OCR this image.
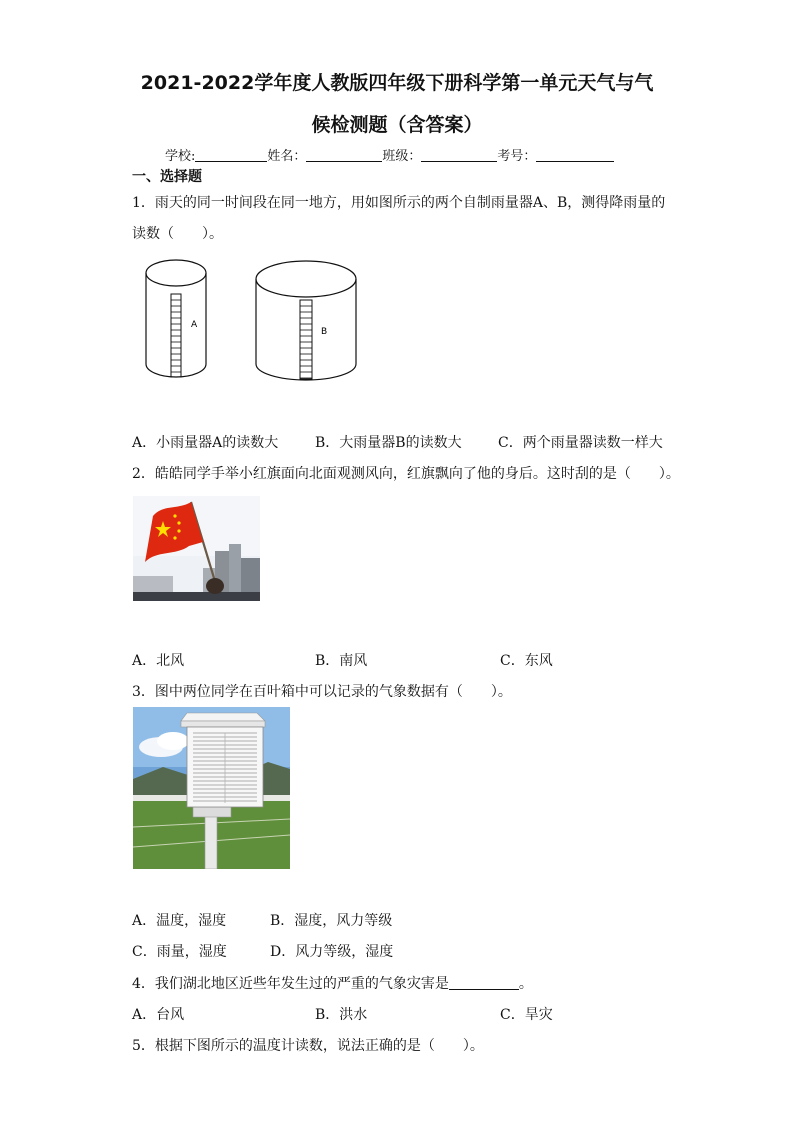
2021-2022学年度人教版四年级下册科学第一单元天气与气
候检测题（含答案）
学校:	姓名：	班级：	考号：
一、选择题
1．雨天的同一时间段在同一地方，用如图所示的两个自制雨量器A、B，测得降雨量的
读数（　　）。
A
B
A．小雨量器A的读数大	B．大雨量器B的读数大	C．两个雨量器读数一样大
2．皓皓同学手举小红旗面向北面观测风向，红旗飘向了他的身后。这时刮的是（　　）。
A．北风	B．南风	C．东风
3．图中两位同学在百叶箱中可以记录的气象数据有（　　）。
A．温度，湿度	B．湿度，风力等级
C．雨量，湿度	D．风力等级，湿度
4．我们湖北地区近些年发生过的严重的气象灾害是	。
A．台风	B．洪水	C．旱灾
5．根据下图所示的温度计读数，说法正确的是（　　）。
